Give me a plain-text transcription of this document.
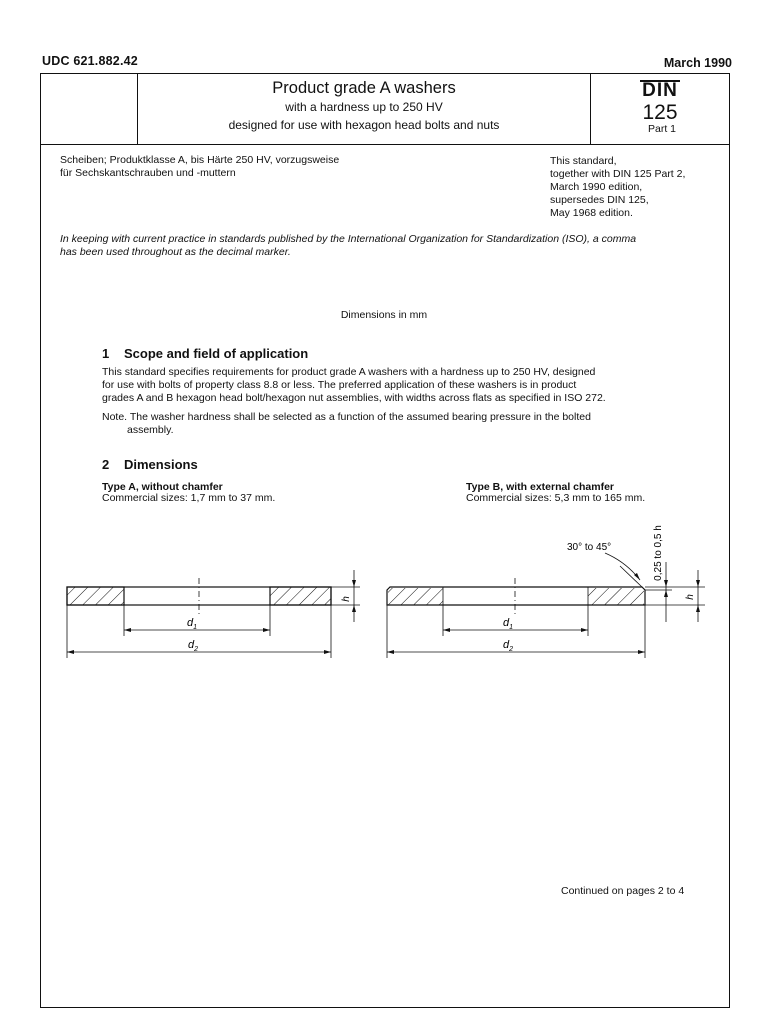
UDC 621.882.42	March 1990
Product grade A washers
with a hardness up to 250 HV
designed for use with hexagon head bolts and nuts
DIN
125
Part 1
Scheiben; Produktklasse A, bis Härte 250 HV, vorzugsweise
für Sechskantschrauben und -muttern
This standard,
together with DIN 125 Part 2,
March 1990 edition,
supersedes DIN 125,
May 1968 edition.
In keeping with current practice in standards published by the International Organization for Standardization (ISO), a comma
has been used throughout as the decimal marker.
Dimensions in mm
1 Scope and field of application
This standard specifies requirements for product grade A washers with a hardness up to 250 HV, designed
for use with bolts of property class 8.8 or less. The preferred application of these washers is in product
grades A and B hexagon head bolt/hexagon nut assemblies, with widths across flats as specified in ISO 272.
Note. The washer hardness shall be selected as a function of the assumed bearing pressure in the bolted
assembly.
2 Dimensions
Type A, without chamfer
Commercial sizes: 1,7 mm to 37 mm.
Type B, with external chamfer
Commercial sizes: 5,3 mm to 165 mm.
$d_1$
$d_2$
h
$d_1$
$d_2$
h
30° to 45°	0,25 to 0,5 h
Continued on pages 2 to 4
